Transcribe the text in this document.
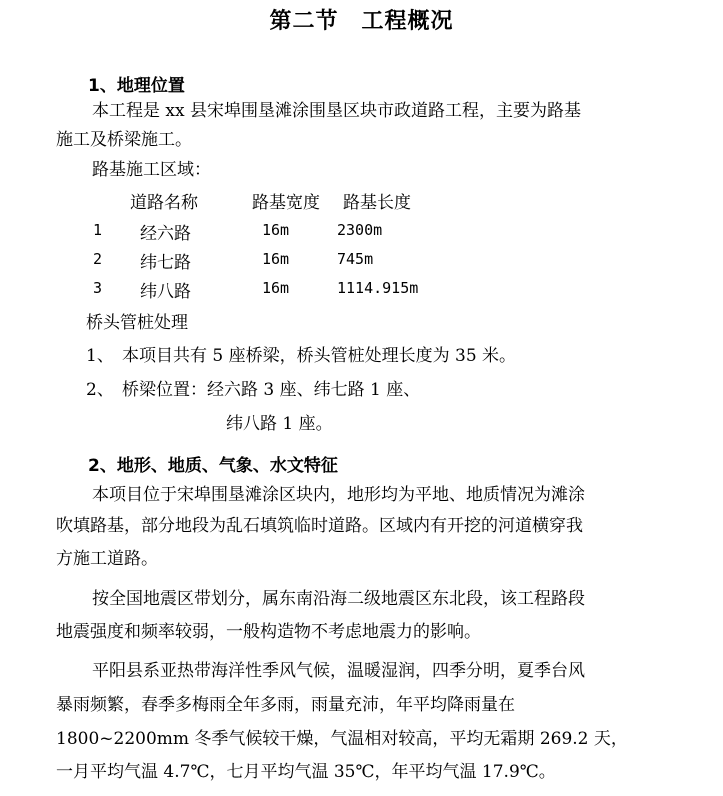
第二节　工程概况
1、地理位置
本工程是 xx 县宋埠围垦滩涂围垦区块市政道路工程，主要为路基
施工及桥梁施工。
路基施工区域：
道路名称	路基宽度 路基长度
1 经六路	16m	2300m
2 纬七路	16m	745m
3 纬八路	16m	1114.915m
桥头管桩处理
1、 本项目共有 5 座桥梁，桥头管桩处理长度为 35 米。
2、 桥梁位置：经六路 3 座、纬七路 1 座、
纬八路 1 座。
2、地形、地质、气象、水文特征
本项目位于宋埠围垦滩涂区块内，地形均为平地、地质情况为滩涂
吹填路基，部分地段为乱石填筑临时道路。区域内有开挖的河道横穿我
方施工道路。
按全国地震区带划分，属东南沿海二级地震区东北段，该工程路段
地震强度和频率较弱，一般构造物不考虑地震力的影响。
平阳县系亚热带海洋性季风气候，温暖湿润，四季分明，夏季台风
暴雨频繁，春季多梅雨全年多雨，雨量充沛，年平均降雨量在
1800~2200mm 冬季气候较干燥，气温相对较高，平均无霜期 269.2 天，
一月平均气温 4.7℃，七月平均气温 35℃，年平均气温 17.9℃。
